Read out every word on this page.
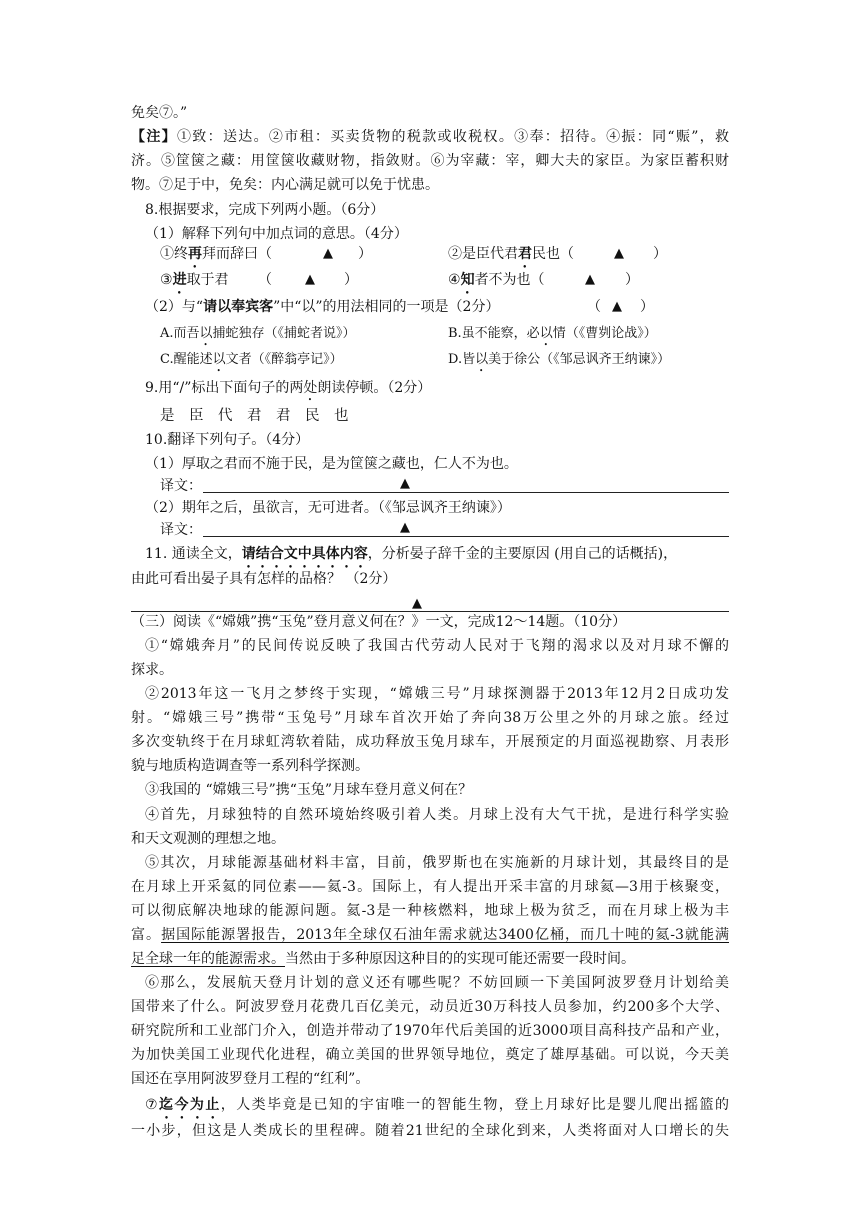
免矣⑦。”
【注】①致：送达。②市租：买卖货物的税款或收税权。③奉：招待。④振：同“赈”，救
济。⑤筐箧之藏：用筐箧收藏财物，指敛财。⑥为宰藏：宰，卿大夫的家臣。为家臣蓄积财
物。⑦足于中，免矣：内心满足就可以免于忧患。
8.根据要求，完成下列两小题。（6分）
（1）解释下列句中加点词的意思。（4分）
①终再拜而辞曰（	▲ ）	②是臣代君君民也（	▲ ）
③进取于君 （	▲ ）	④知者不为也（	▲ ）
（2）与“请以奉宾客”中“以”的用法相同的一项是（2分）	（ ▲ ）
A.而吾以捕蛇独存（《捕蛇者说》）	B.虽不能察，必以情（《曹刿论战》）
C.醒能述以文者（《醉翁亭记》）	D.皆以美于徐公（《邹忌讽齐王纳谏》）
9.用“/”标出下面句子的两处朗读停顿。（2分）
是　臣　代　君　君　民　也
10.翻译下列句子。（4分）
（1）厚取之君而不施于民，是为筐箧之藏也，仁人不为也。
译文：	▲
（2）期年之后，虽欲言，无可进者。（《邹忌讽齐王纳谏》）
译文：	▲
11. 通读全文，请结合文中具体内容，分析晏子辞千金的主要原因 (用自己的话概括)，
由此可看出晏子具有怎样的品格？ （2分）
▲
（三）阅读《“嫦娥”携“玉兔”登月意义何在？》一文，完成12～14题。（10分）
①“嫦娥奔月”的民间传说反映了我国古代劳动人民对于飞翔的渴求以及对月球不懈的
探求。
②2013年这一飞月之梦终于实现，“嫦娥三号”月球探测器于2013年12月2日成功发
射。“嫦娥三号”携带“玉兔号”月球车首次开始了奔向38万公里之外的月球之旅。经过
多次变轨终于在月球虹湾软着陆，成功释放玉兔月球车，开展预定的月面巡视勘察、月表形
貌与地质构造调查等一系列科学探测。
③我国的 “嫦娥三号”携“玉兔”月球车登月意义何在？
④首先，月球独特的自然环境始终吸引着人类。月球上没有大气干扰，是进行科学实验
和天文观测的理想之地。
⑤其次，月球能源基础材料丰富，目前，俄罗斯也在实施新的月球计划，其最终目的是
在月球上开采氦的同位素——氦-3。国际上，有人提出开采丰富的月球氦—3用于核聚变，
可以彻底解决地球的能源问题。氦-3是一种核燃料，地球上极为贫乏，而在月球上极为丰
富。据国际能源署报告，2013年全球仅石油年需求就达3400亿桶，而几十吨的氦-3就能满
足全球一年的能源需求。当然由于多种原因这种目的的实现可能还需要一段时间。
⑥那么，发展航天登月计划的意义还有哪些呢？不妨回顾一下美国阿波罗登月计划给美
国带来了什么。阿波罗登月花费几百亿美元，动员近30万科技人员参加，约200多个大学、
研究院所和工业部门介入，创造并带动了1970年代后美国的近3000项目高科技产品和产业，
为加快美国工业现代化进程，确立美国的世界领导地位，奠定了雄厚基础。可以说，今天美
国还在享用阿波罗登月工程的“红利”。
⑦迄今为止，人类毕竟是已知的宇宙唯一的智能生物，登上月球好比是婴儿爬出摇篮的
一小步，但这是人类成长的里程碑。随着21世纪的全球化到来，人类将面对人口增长的失
